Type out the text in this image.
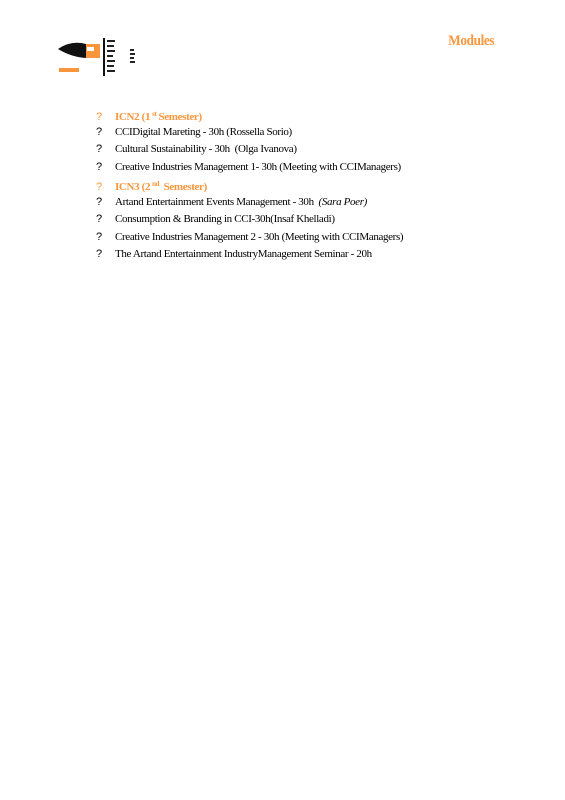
Modules
?	ICN2 (1 $^{st}$ Semester)
?	CCIDigital Mareting - 30h
(Rossella Sorio)
?	Cultural Sustainability - 30h
(Olga Ivanova)
?	Creative Industries Management 1- 30h
(Meeting with CCIManagers)
?	ICN3 (2 $^{nd}$ Semester)
?	Artand Entertainment Events Management - 30h
(Sara Poer)
?	Consumption & Branding in CCI-30h(Insaf Khelladi)
?	Creative Industries Management 2 - 30h
(Meeting with CCIManagers)
?	The Artand Entertainment IndustryManagement Seminar - 20h
